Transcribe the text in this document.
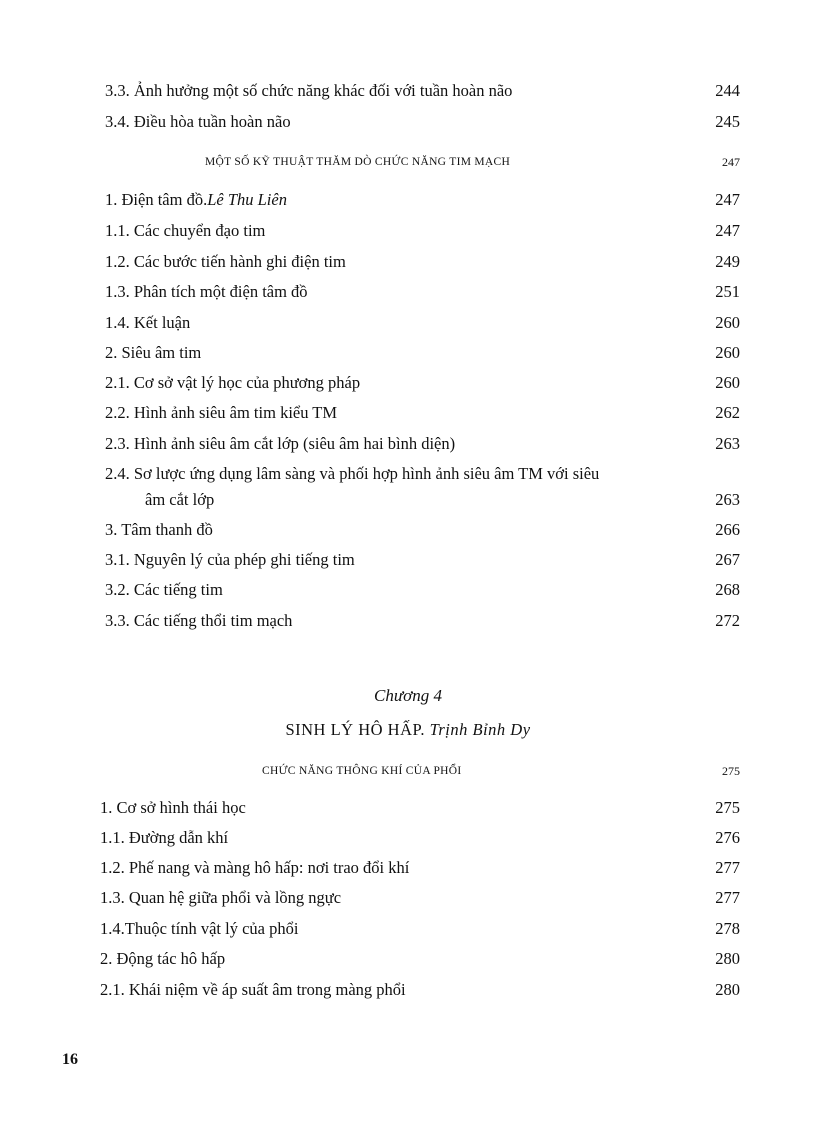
3.3. Ảnh hưởng một số chức năng khác đối với tuần hoàn não	244
3.4. Điều hòa tuần hoàn não	245
MỘT SỐ KỸ THUẬT THĂM DÒ CHỨC NĂNG TIM MẠCH	247
1. Điện tâm đồ.Lê Thu Liên	247
1.1. Các chuyển đạo tim	247
1.2. Các bước tiến hành ghi điện tim	249
1.3. Phân tích một điện tâm đồ	251
1.4. Kết luận	260
2. Siêu âm tim	260
2.1. Cơ sở vật lý học của phương pháp	260
2.2. Hình ảnh siêu âm tim kiểu TM	262
2.3. Hình ảnh siêu âm cắt lớp (siêu âm hai bình diện)	263
2.4. Sơ lược ứng dụng lâm sàng và phối hợp hình ảnh siêu âm TM với siêu
âm cắt lớp	263
3. Tâm thanh đồ	266
3.1. Nguyên lý của phép ghi tiếng tim	267
3.2. Các tiếng tim	268
3.3. Các tiếng thổi tim mạch	272
Chương 4
SINH LÝ HÔ HẤP. Trịnh Bỉnh Dy
CHỨC NĂNG THÔNG KHÍ CỦA PHỔI	275
1. Cơ sở hình thái học	275
1.1. Đường dẫn khí	276
1.2. Phế nang và màng hô hấp: nơi trao đổi khí	277
1.3. Quan hệ giữa phổi và lồng ngực	277
1.4.Thuộc tính vật lý của phổi	278
2. Động tác hô hấp	280
2.1. Khái niệm về áp suất âm trong màng phổi	280
16
